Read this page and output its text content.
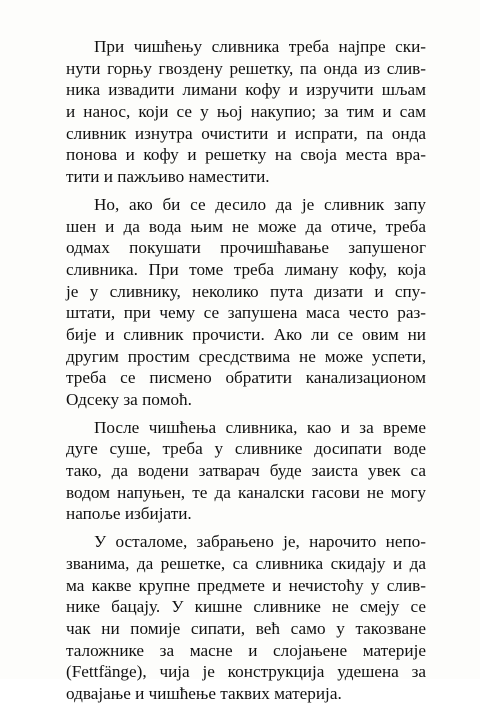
При чишћењу сливника треба најпре ски-
нути горњу гвоздену решетку, па онда из слив-
ника извадити лимани кофу и изручити шљам
и нанос, који се у њој накупио; за тим и сам
сливник изнутра очистити и испрати, па онда
понова и кофу и решетку на своја места вра-
тити и пажљиво наместити.
Но, ако би се десило да је сливник запу
шен и да вода њим не може да отиче, треба
одмах покушати прочишћавање запушеног
сливника. При томе треба лиману кофу, која
је у сливнику, неколико пута дизати и спу-
штати, при чему се запушена маса често раз-
бије и сливник прочисти. Ако ли се овим ни
другим простим сресдствима не може успети,
треба се писмено обратити канализационом
Одсеку за помоћ.
После чишћења сливника, као и за време
дуге суше, треба у сливнике досипати воде
тако, да водени затварач буде заиста увек са
водом напуњен, те да каналски гасови не могу
напоље избијати.
У осталоме, забрањено је, нарочито непо-
званима, да решетке, са сливника скидају и да
ма какве крупне предмете и нечистоћу у слив-
нике бацају. У кишне сливнике не смеју се
чак ни помије сипати, већ само у такозване
таложнике за масне и слојањене материје
(Fettfänge), чија је конструкција удешена за
одвајање и чишћење таквих материја.
